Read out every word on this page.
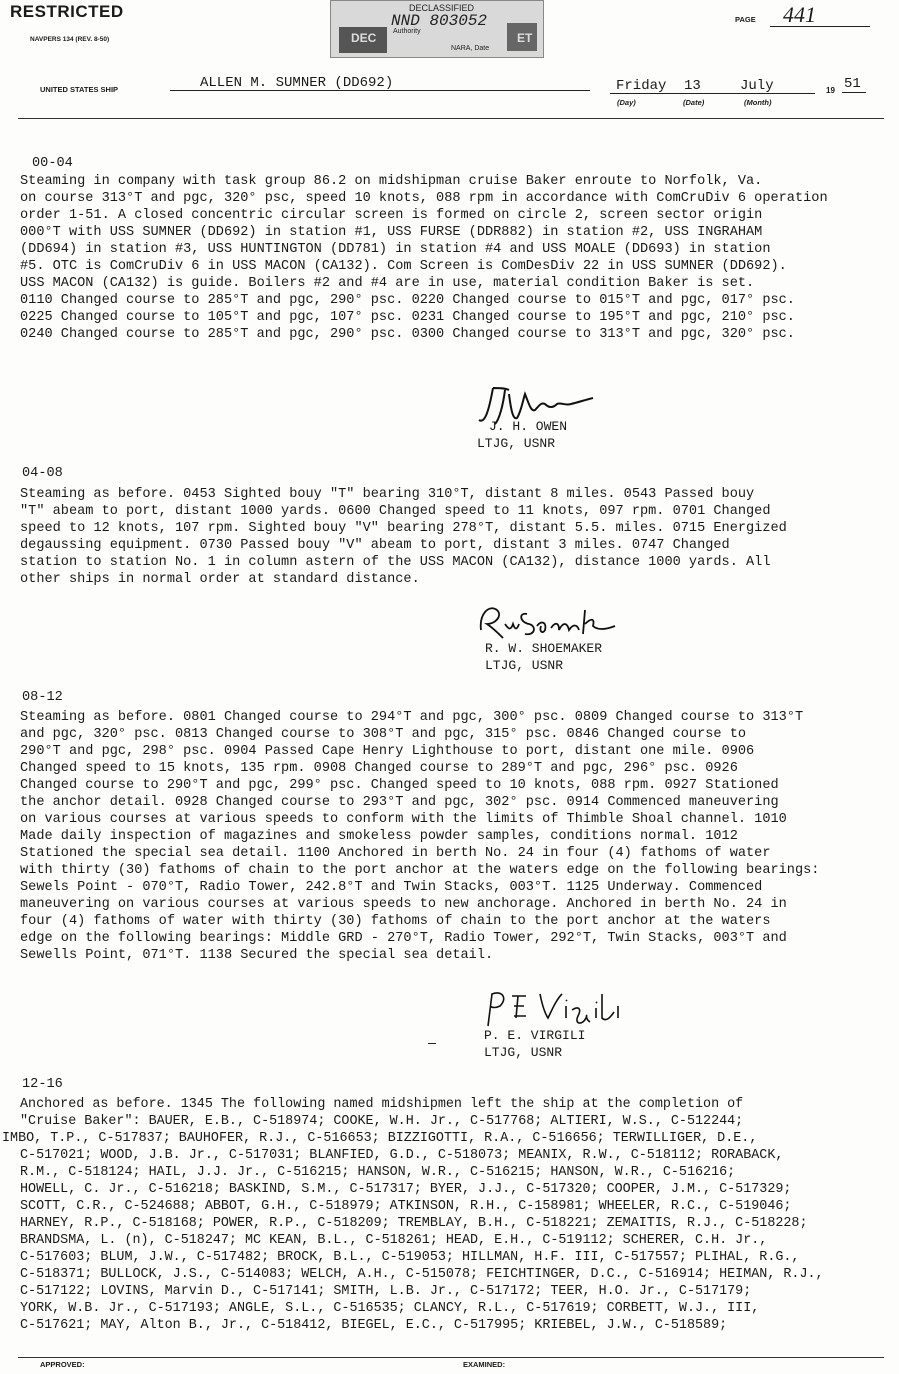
RESTRICTED
NAVPERS 134 (REV. 8-50)	DEC	ET
DECLASSIFIED
NND 803052
Authority
NARA, Date
PAGE 441
UNITED STATES SHIP	ALLEN M. SUMNER (DD692)	Friday 13	July	19 51
(Day)	(Date)	(Month)
00-04
Steaming in company with task group 86.2 on midshipman cruise Baker enroute to Norfolk, Va.
on course 313°T and pgc, 320° psc, speed 10 knots, 088 rpm in accordance with ComCruDiv 6 operation
order 1-51. A closed concentric circular screen is formed on circle 2, screen sector origin
000°T with USS SUMNER (DD692) in station #1, USS FURSE (DDR882) in station #2, USS INGRAHAM
(DD694) in station #3, USS HUNTINGTON (DD781) in station #4 and USS MOALE (DD693) in station
#5. OTC is ComCruDiv 6 in USS MACON (CA132). Com Screen is ComDesDiv 22 in USS SUMNER (DD692).
USS MACON (CA132) is guide. Boilers #2 and #4 are in use, material condition Baker is set.
0110 Changed course to 285°T and pgc, 290° psc. 0220 Changed course to 015°T and pgc, 017° psc.
0225 Changed course to 105°T and pgc, 107° psc. 0231 Changed course to 195°T and pgc, 210° psc.
0240 Changed course to 285°T and pgc, 290° psc. 0300 Changed course to 313°T and pgc, 320° psc.
J. H. OWEN
LTJG, USNR
04-08
Steaming as before. 0453 Sighted bouy "T" bearing 310°T, distant 8 miles. 0543 Passed bouy
"T" abeam to port, distant 1000 yards. 0600 Changed speed to 11 knots, 097 rpm. 0701 Changed
speed to 12 knots, 107 rpm. Sighted bouy "V" bearing 278°T, distant 5.5. miles. 0715 Energized
degaussing equipment. 0730 Passed bouy "V" abeam to port, distant 3 miles. 0747 Changed
station to station No. 1 in column astern of the USS MACON (CA132), distance 1000 yards. All
other ships in normal order at standard distance.
R. W. SHOEMAKER
LTJG, USNR
08-12
Steaming as before. 0801 Changed course to 294°T and pgc, 300° psc. 0809 Changed course to 313°T
and pgc, 320° psc. 0813 Changed course to 308°T and pgc, 315° psc. 0846 Changed course to
290°T and pgc, 298° psc. 0904 Passed Cape Henry Lighthouse to port, distant one mile. 0906
Changed speed to 15 knots, 135 rpm. 0908 Changed course to 289°T and pgc, 296° psc. 0926
Changed course to 290°T and pgc, 299° psc. Changed speed to 10 knots, 088 rpm. 0927 Stationed
the anchor detail. 0928 Changed course to 293°T and pgc, 302° psc. 0914 Commenced maneuvering
on various courses at various speeds to conform with the limits of Thimble Shoal channel. 1010
Made daily inspection of magazines and smokeless powder samples, conditions normal. 1012
Stationed the special sea detail. 1100 Anchored in berth No. 24 in four (4) fathoms of water
with thirty (30) fathoms of chain to the port anchor at the waters edge on the following bearings:
Sewels Point - 070°T, Radio Tower, 242.8°T and Twin Stacks, 003°T. 1125 Underway. Commenced
maneuvering on various courses at various speeds to new anchorage. Anchored in berth No. 24 in
four (4) fathoms of water with thirty (30) fathoms of chain to the port anchor at the waters
edge on the following bearings: Middle GRD - 270°T, Radio Tower, 292°T, Twin Stacks, 003°T and
Sewells Point, 071°T. 1138 Secured the special sea detail.
P. E. VIRGILI
LTJG, USNR
12-16
Anchored as before. 1345 The following named midshipmen left the ship at the completion of
"Cruise Baker": BAUER, E.B., C-518974; COOKE, W.H. Jr., C-517768; ALTIERI, W.S., C-512244;
IMBO, T.P., C-517837; BAUHOFER, R.J., C-516653; BIZZIGOTTI, R.A., C-516656; TERWILLIGER, D.E.,
C-517021; WOOD, J.B. Jr., C-517031; BLANFIED, G.D., C-518073; MEANIX, R.W., C-518112; RORABACK,
R.M., C-518124; HAIL, J.J. Jr., C-516215; HANSON, W.R., C-516215; HANSON, W.R., C-516216;
HOWELL, C. Jr., C-516218; BASKIND, S.M., C-517317; BYER, J.J., C-517320; COOPER, J.M., C-517329;
SCOTT, C.R., C-524688; ABBOT, G.H., C-518979; ATKINSON, R.H., C-158981; WHEELER, R.C., C-519046;
HARNEY, R.P., C-518168; POWER, R.P., C-518209; TREMBLAY, B.H., C-518221; ZEMAITIS, R.J., C-518228;
BRANDSMA, L. (n), C-518247; MC KEAN, B.L., C-518261; HEAD, E.H., C-519112; SCHERER, C.H. Jr.,
C-517603; BLUM, J.W., C-517482; BROCK, B.L., C-519053; HILLMAN, H.F. III, C-517557; PLIHAL, R.G.,
C-518371; BULLOCK, J.S., C-514083; WELCH, A.H., C-515078; FEICHTINGER, D.C., C-516914; HEIMAN, R.J.,
C-517122; LOVINS, Marvin D., C-517141; SMITH, L.B. Jr., C-517172; TEER, H.O. Jr., C-517179;
YORK, W.B. Jr., C-517193; ANGLE, S.L., C-516535; CLANCY, R.L., C-517619; CORBETT, W.J., III,
C-517621; MAY, Alton B., Jr., C-518412, BIEGEL, E.C., C-517995; KRIEBEL, J.W., C-518589;
APPROVED:	EXAMINED:
